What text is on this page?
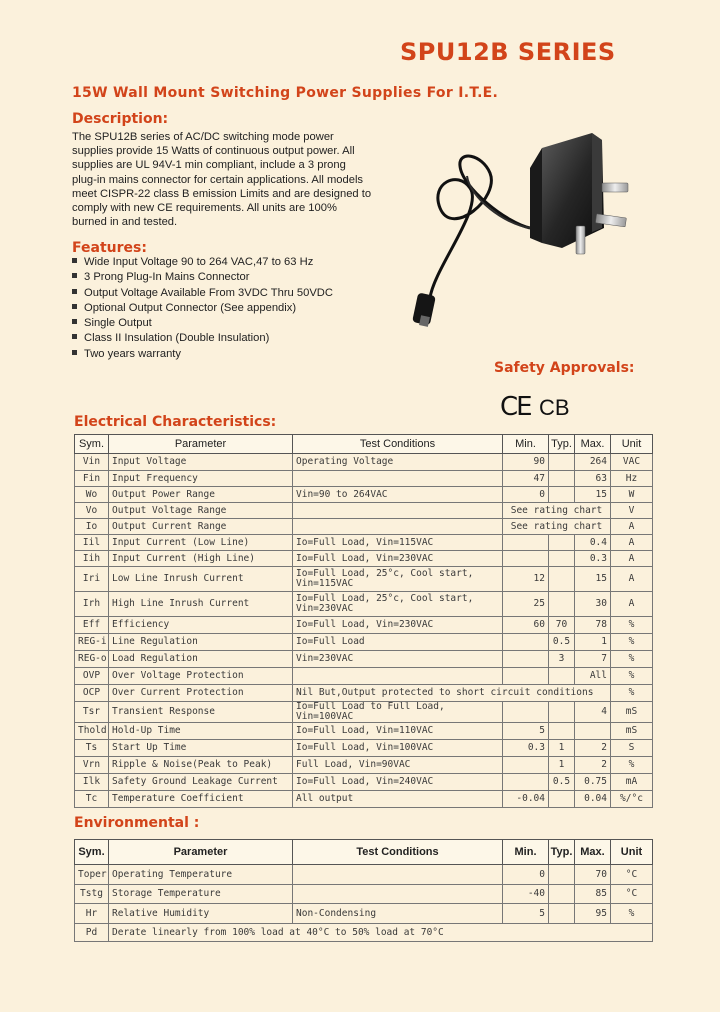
SPU12B SERIES
15W Wall Mount Switching Power Supplies For I.T.E.
Description:
The SPU12B series of AC/DC switching mode power supplies provide 15 Watts of continuous output power. All supplies are UL 94V-1 min compliant, include a 3 prong plug-in mains connector for certain applications. All models meet CISPR-22 class B emission Limits and are designed to comply with new CE requirements. All units are 100% burned in and tested.
Features:
Wide Input Voltage 90 to 264 VAC,47 to 63 Hz
3 Prong Plug-In Mains Connector
Output Voltage Available From 3VDC Thru 50VDC
Optional Output Connector (See appendix)
Single Output
Class II Insulation (Double Insulation)
Two years warranty
Safety Approvals:
CE CB
Electrical Characteristics:
Sym.	Parameter	Test Conditions	Min.	Typ.	Max.	Unit
Vin	Input Voltage	Operating Voltage	90		264	VAC
Fin	Input Frequency		47		63	Hz
Wo	Output Power Range	Vin=90 to 264VAC	0		15	W
Vo	Output Voltage Range		See rating chart			V
Io	Output Current Range		See rating chart			A
Iil	Input Current (Low Line)	Io=Full Load, Vin=115VAC			0.4	A
Iih	Input Current (High Line)	Io=Full Load, Vin=230VAC			0.3	A
Iri	Low Line Inrush Current	Io=Full Load, 25°c, Cool start, Vin=115VAC	12		15	A
Irh	High Line Inrush Current	Io=Full Load, 25°c, Cool start, Vin=230VAC	25		30	A
Eff	Efficiency	Io=Full Load, Vin=230VAC	60	70	78	%
REG-i	Line Regulation	Io=Full Load		0.5	1	%
REG-o	Load Regulation	Vin=230VAC		3	7	%
OVP	Over Voltage Protection				All	%
OCP	Over Current Protection	Nil But,Output protected to short circuit conditions				%
Tsr	Transient Response	Io=Full Load to Full Load, Vin=100VAC			4	mS
Thold	Hold-Up Time	Io=Full Load, Vin=110VAC	5			mS
Ts	Start Up Time	Io=Full Load, Vin=100VAC	0.3	1	2	S
Vrn	Ripple & Noise(Peak to Peak)	Full Load, Vin=90VAC		1	2	%
Ilk	Safety Ground Leakage Current	Io=Full Load, Vin=240VAC		0.5	0.75	mA
Tc	Temperature Coefficient	All output	-0.04		0.04	%/°c
Environmental :
Sym.	Parameter	Test Conditions	Min.	Typ.	Max.	Unit
Toper	Operating Temperature		0		70	°C
Tstg	Storage Temperature		-40		85	°C
Hr	Relative Humidity	Non-Condensing	5		95	%
Pd	Derate linearly from 100% load at 40°C to 50% load at 70°C					
